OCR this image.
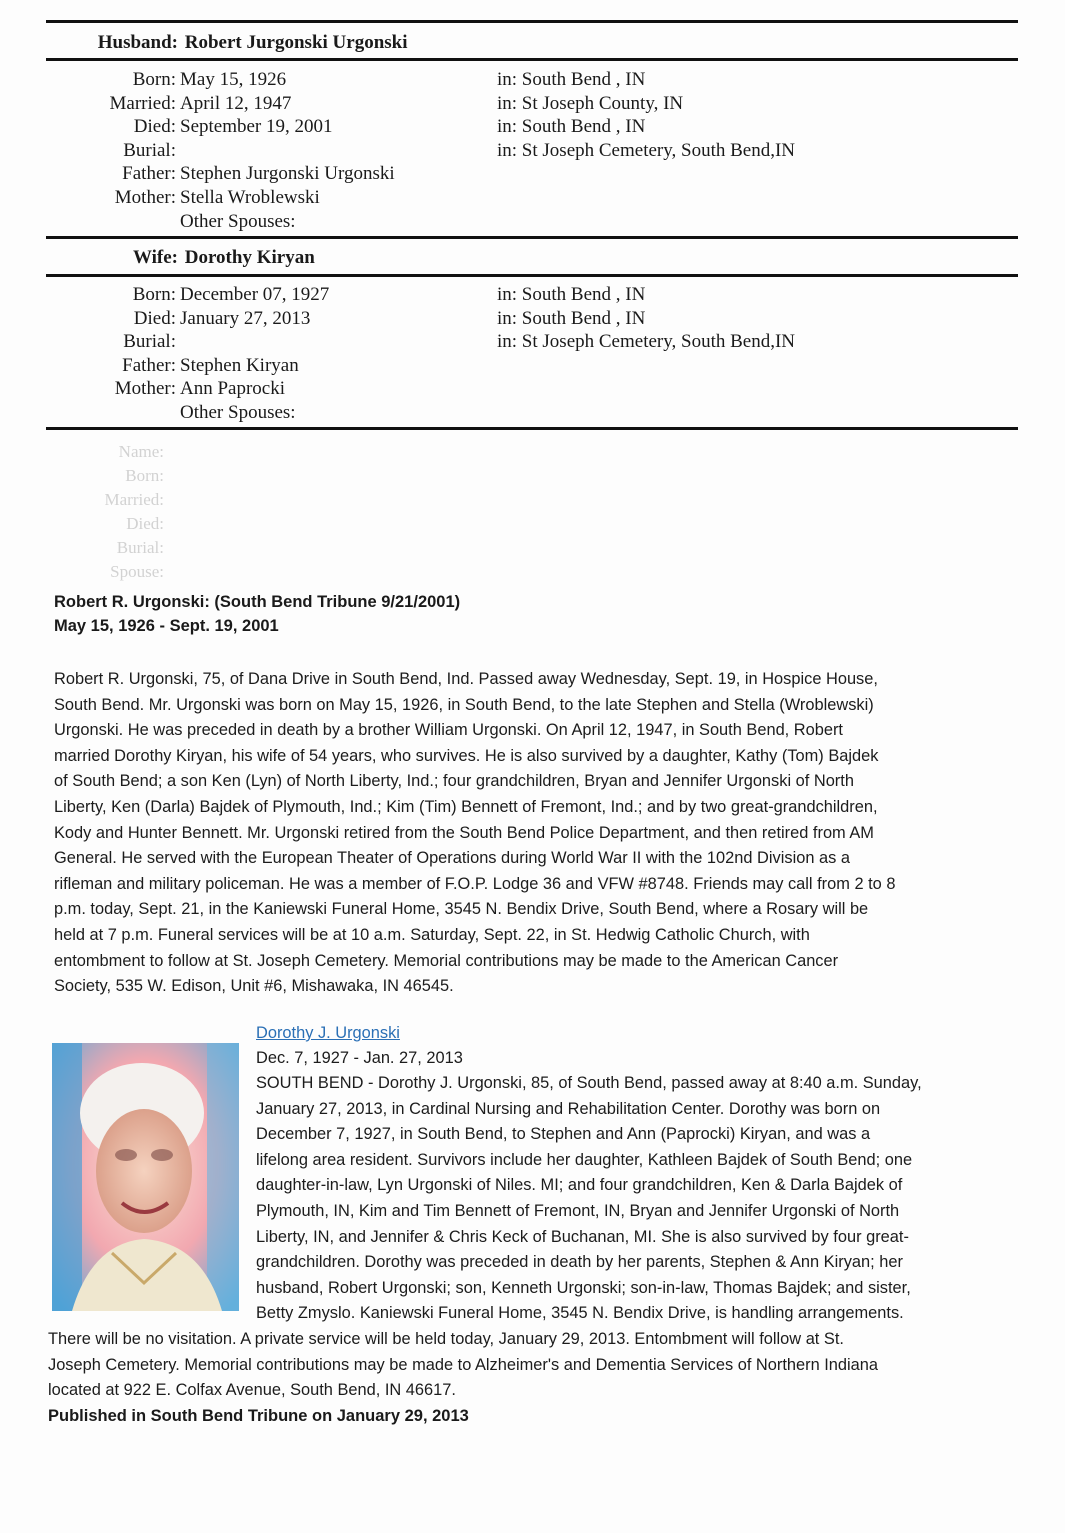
Husband: Robert Jurgonski Urgonski
Born: May 15, 1926	in: South Bend , IN
Married: April 12, 1947	in: St Joseph County, IN
Died: September 19, 2001	in: South Bend , IN
Burial:	in: St Joseph Cemetery, South Bend,IN
Father: Stephen Jurgonski Urgonski
Mother: Stella Wroblewski
Other Spouses:
Wife: Dorothy Kiryan
Born: December 07, 1927	in: South Bend , IN
Died: January 27, 2013	in: South Bend , IN
Burial:	in: St Joseph Cemetery, South Bend,IN
Father: Stephen Kiryan
Mother: Ann Paprocki
Other Spouses:
Name:
Born:
Married:
Died:
Burial:
Spouse:
Robert R. Urgonski: (South Bend Tribune 9/21/2001)
May 15, 1926 - Sept. 19, 2001
Robert R. Urgonski, 75, of Dana Drive in South Bend, Ind. Passed away Wednesday, Sept. 19, in Hospice House,
South Bend. Mr. Urgonski was born on May 15, 1926, in South Bend, to the late Stephen and Stella (Wroblewski)
Urgonski. He was preceded in death by a brother William Urgonski. On April 12, 1947, in South Bend, Robert
married Dorothy Kiryan, his wife of 54 years, who survives. He is also survived by a daughter, Kathy (Tom) Bajdek
of South Bend; a son Ken (Lyn) of North Liberty, Ind.; four grandchildren, Bryan and Jennifer Urgonski of North
Liberty, Ken (Darla) Bajdek of Plymouth, Ind.; Kim (Tim) Bennett of Fremont, Ind.; and by two great-grandchildren,
Kody and Hunter Bennett. Mr. Urgonski retired from the South Bend Police Department, and then retired from AM
General. He served with the European Theater of Operations during World War II with the 102nd Division as a
rifleman and military policeman. He was a member of F.O.P. Lodge 36 and VFW #8748. Friends may call from 2 to 8
p.m. today, Sept. 21, in the Kaniewski Funeral Home, 3545 N. Bendix Drive, South Bend, where a Rosary will be
held at 7 p.m. Funeral services will be at 10 a.m. Saturday, Sept. 22, in St. Hedwig Catholic Church, with
entombment to follow at St. Joseph Cemetery. Memorial contributions may be made to the American Cancer
Society, 535 W. Edison, Unit #6, Mishawaka, IN 46545.
Dorothy J. Urgonski
Dec. 7, 1927 - Jan. 27, 2013
SOUTH BEND - Dorothy J. Urgonski, 85, of South Bend, passed away at 8:40 a.m. Sunday,
January 27, 2013, in Cardinal Nursing and Rehabilitation Center. Dorothy was born on
December 7, 1927, in South Bend, to Stephen and Ann (Paprocki) Kiryan, and was a
lifelong area resident. Survivors include her daughter, Kathleen Bajdek of South Bend; one
daughter-in-law, Lyn Urgonski of Niles. MI; and four grandchildren, Ken & Darla Bajdek of
Plymouth, IN, Kim and Tim Bennett of Fremont, IN, Bryan and Jennifer Urgonski of North
Liberty, IN, and Jennifer & Chris Keck of Buchanan, MI. She is also survived by four great-
grandchildren. Dorothy was preceded in death by her parents, Stephen & Ann Kiryan; her
husband, Robert Urgonski; son, Kenneth Urgonski; son-in-law, Thomas Bajdek; and sister,
Betty Zmyslo. Kaniewski Funeral Home, 3545 N. Bendix Drive, is handling arrangements.
There will be no visitation. A private service will be held today, January 29, 2013. Entombment will follow at St.
Joseph Cemetery. Memorial contributions may be made to Alzheimer's and Dementia Services of Northern Indiana
located at 922 E. Colfax Avenue, South Bend, IN 46617.
Published in South Bend Tribune on January 29, 2013
